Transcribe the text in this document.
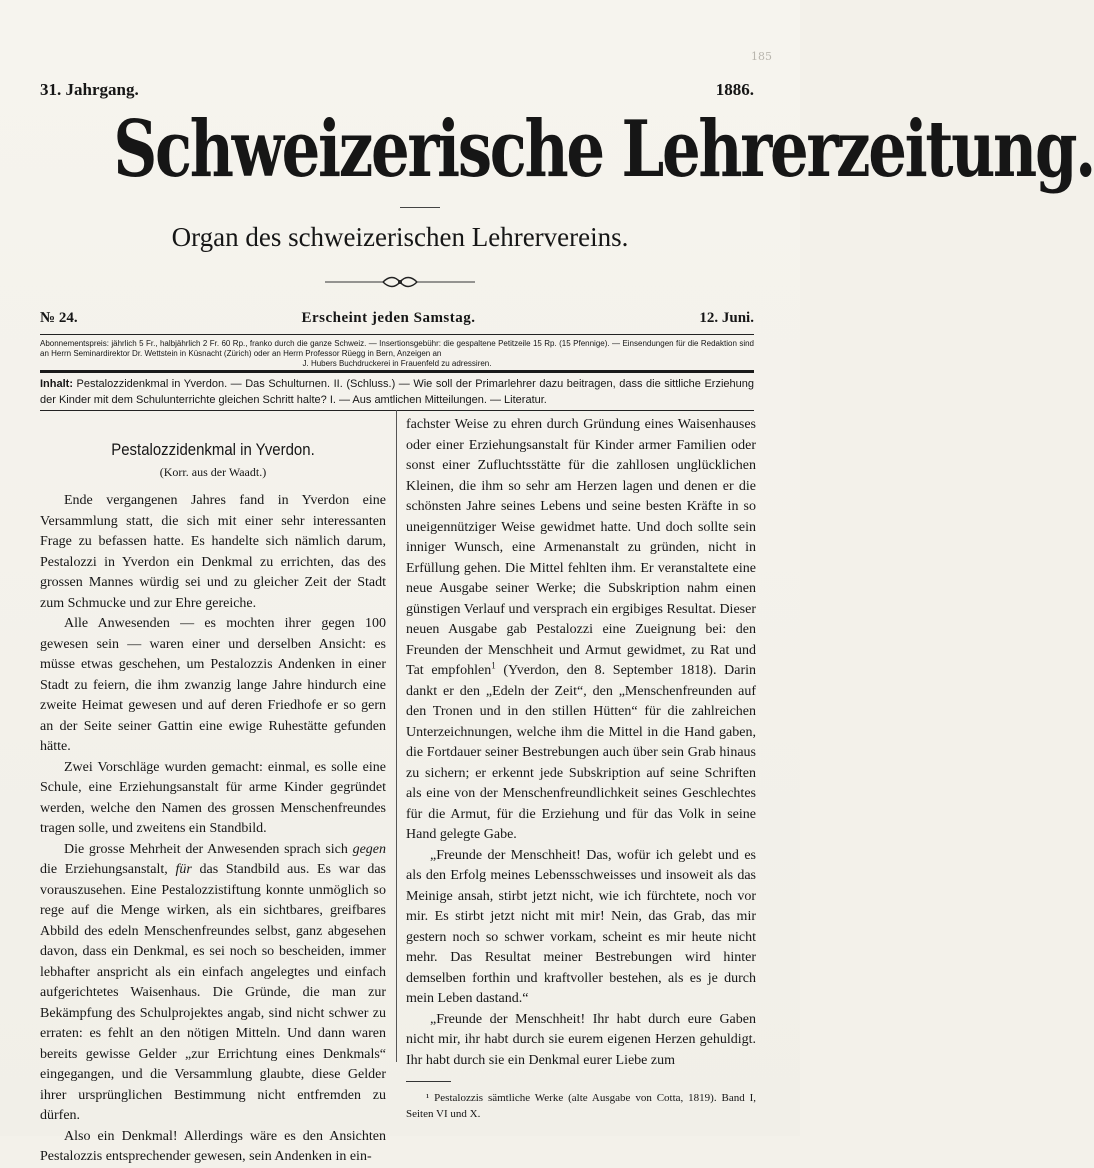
185
31. Jahrgang.	1886.
Schweizerische Lehrerzeitung.
Organ des schweizerischen Lehrervereins.
№ 24.	Erscheint jeden Samstag.	12. Juni.

Abonnementspreis: jährlich 5 Fr., halbjährlich 2 Fr. 60 Rp., franko durch die ganze Schweiz. — Insertionsgebühr: die gespaltene Petitzeile 15 Rp. (15 Pfennige). — Einsendungen für die Redaktion sind an Herrn Seminardirektor Dr. Wettstein in Küsnacht (Zürich) oder an Herrn Professor Rüegg in Bern, Anzeigen an

J. Hubers Buchdruckerei in Frauenfeld zu adressiren.

Inhalt: Pestalozzidenkmal in Yverdon. — Das Schulturnen. II. (Schluss.) — Wie soll der Primarlehrer dazu beitragen, dass die sittliche Erziehung der Kinder mit dem Schulunterrichte gleichen Schritt halte? I. — Aus amtlichen Mitteilungen. — Literatur.
Pestalozzidenkmal in Yverdon.
(Korr. aus der Waadt.)

Ende vergangenen Jahres fand in Yverdon eine Versammlung statt, die sich mit einer sehr interessanten Frage zu befassen hatte. Es handelte sich nämlich darum, Pestalozzi in Yverdon ein Denkmal zu errichten, das des grossen Mannes würdig sei und zu gleicher Zeit der Stadt zum Schmucke und zur Ehre gereiche.

Alle Anwesenden — es mochten ihrer gegen 100 gewesen sein — waren einer und derselben Ansicht: es müsse etwas geschehen, um Pestalozzis Andenken in einer Stadt zu feiern, die ihm zwanzig lange Jahre hindurch eine zweite Heimat gewesen und auf deren Friedhofe er so gern an der Seite seiner Gattin eine ewige Ruhestätte gefunden hätte.

Zwei Vorschläge wurden gemacht: einmal, es solle eine Schule, eine Erziehungsanstalt für arme Kinder gegründet werden, welche den Namen des grossen Menschenfreundes tragen solle, und zweitens ein Standbild.

Die grosse Mehrheit der Anwesenden sprach sich gegen die Erziehungsanstalt, für das Standbild aus. Es war das vorauszusehen. Eine Pestalozzistiftung konnte unmöglich so rege auf die Menge wirken, als ein sichtbares, greifbares Abbild des edeln Menschenfreundes selbst, ganz abgesehen davon, dass ein Denkmal, es sei noch so bescheiden, immer lebhafter anspricht als ein einfach angelegtes und einfach aufgerichtetes Waisenhaus. Die Gründe, die man zur Bekämpfung des Schulprojektes angab, sind nicht schwer zu erraten: es fehlt an den nötigen Mitteln. Und dann waren bereits gewisse Gelder „zur Errichtung eines Denkmals“ eingegangen, und die Versammlung glaubte, diese Gelder ihrer ursprünglichen Bestimmung nicht entfremden zu dürfen.

Also ein Denkmal! Allerdings wäre es den Ansichten Pestalozzis entsprechender gewesen, sein Andenken in ein-

fachster Weise zu ehren durch Gründung eines Waisenhauses oder einer Erziehungsanstalt für Kinder armer Familien oder sonst einer Zufluchtsstätte für die zahllosen unglücklichen Kleinen, die ihm so sehr am Herzen lagen und denen er die schönsten Jahre seines Lebens und seine besten Kräfte in so uneigennütziger Weise gewidmet hatte. Und doch sollte sein inniger Wunsch, eine Armenanstalt zu gründen, nicht in Erfüllung gehen. Die Mittel fehlten ihm. Er veranstaltete eine neue Ausgabe seiner Werke; die Subskription nahm einen günstigen Verlauf und versprach ein ergibiges Resultat. Dieser neuen Ausgabe gab Pestalozzi eine Zueignung bei: den Freunden der Menschheit und Armut gewidmet, zu Rat und Tat empfohlen$^1$ (Yverdon, den 8. September 1818). Darin dankt er den „Edeln der Zeit“, den „Menschenfreunden auf den Tronen und in den stillen Hütten“ für die zahlreichen Unterzeichnungen, welche ihm die Mittel in die Hand gaben, die Fortdauer seiner Bestrebungen auch über sein Grab hinaus zu sichern; er erkennt jede Subskription auf seine Schriften als eine von der Menschenfreundlichkeit seines Geschlechtes für die Armut, für die Erziehung und für das Volk in seine Hand gelegte Gabe.

„Freunde der Menschheit! Das, wofür ich gelebt und es als den Erfolg meines Lebensschweisses und insoweit als das Meinige ansah, stirbt jetzt nicht, wie ich fürchtete, noch vor mir. Es stirbt jetzt nicht mit mir! Nein, das Grab, das mir gestern noch so schwer vorkam, scheint es mir heute nicht mehr. Das Resultat meiner Bestrebungen wird hinter demselben forthin und kraftvoller bestehen, als es je durch mein Leben dastand.“

„Freunde der Menschheit! Ihr habt durch eure Gaben nicht mir, ihr habt durch sie eurem eigenen Herzen gehuldigt. Ihr habt durch sie ein Denkmal eurer Liebe zum

¹ Pestalozzis sämtliche Werke (alte Ausgabe von Cotta, 1819). Band I, Seiten VI und X.
